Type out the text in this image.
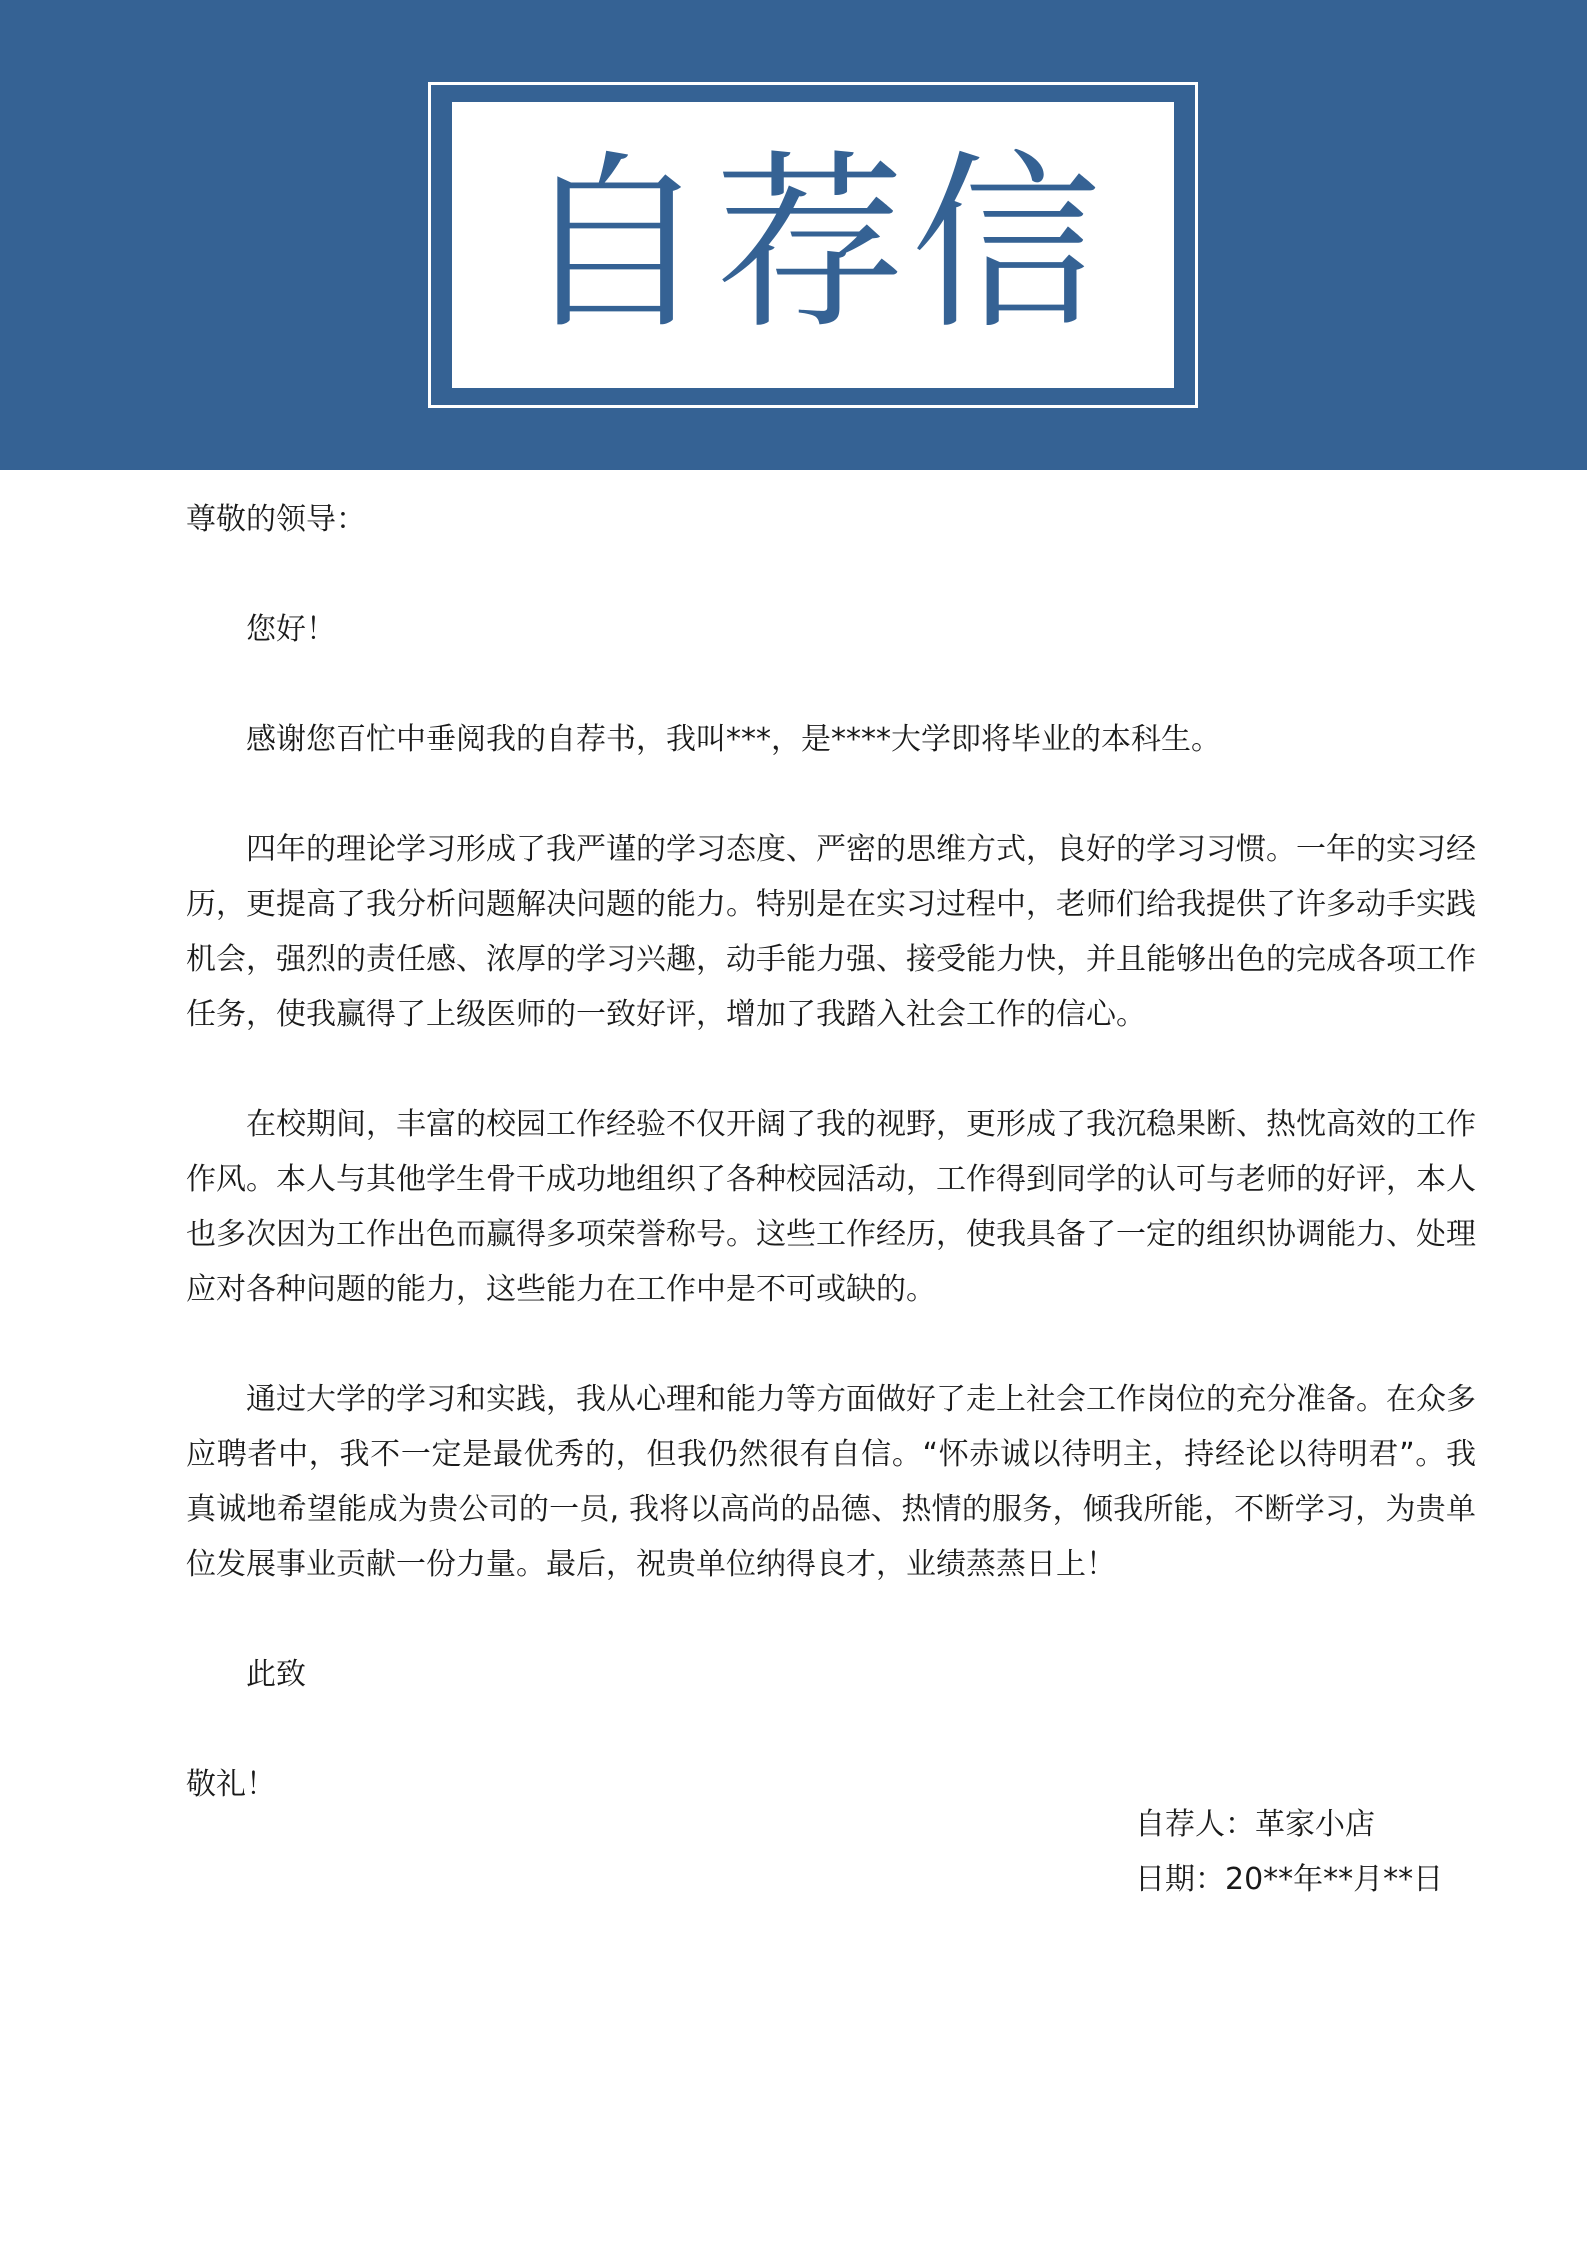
自荐信

尊敬的领导：

您好！

感谢您百忙中垂阅我的自荐书，我叫***，是****大学即将毕业的本科生。

四年的理论学习形成了我严谨的学习态度、严密的思维方式，良好的学习习惯。一年的实习经历，更提高了我分析问题解决问题的能力。特别是在实习过程中，老师们给我提供了许多动手实践机会，强烈的责任感、浓厚的学习兴趣，动手能力强、接受能力快，并且能够出色的完成各项工作任务，使我赢得了上级医师的一致好评，增加了我踏入社会工作的信心。

在校期间，丰富的校园工作经验不仅开阔了我的视野，更形成了我沉稳果断、热忱高效的工作作风。本人与其他学生骨干成功地组织了各种校园活动，工作得到同学的认可与老师的好评，本人也多次因为工作出色而赢得多项荣誉称号。这些工作经历，使我具备了一定的组织协调能力、处理应对各种问题的能力，这些能力在工作中是不可或缺的。

通过大学的学习和实践，我从心理和能力等方面做好了走上社会工作岗位的充分准备。在众多应聘者中，我不一定是最优秀的，但我仍然很有自信。“怀赤诚以待明主，持经论以待明君”。我真诚地希望能成为贵公司的一员, 我将以高尚的品德、热情的服务，倾我所能，不断学习，为贵单位发展事业贡献一份力量。最后，祝贵单位纳得良才，业绩蒸蒸日上！

此致

敬礼！

自荐人：革家小店

日期：20**年**月**日
